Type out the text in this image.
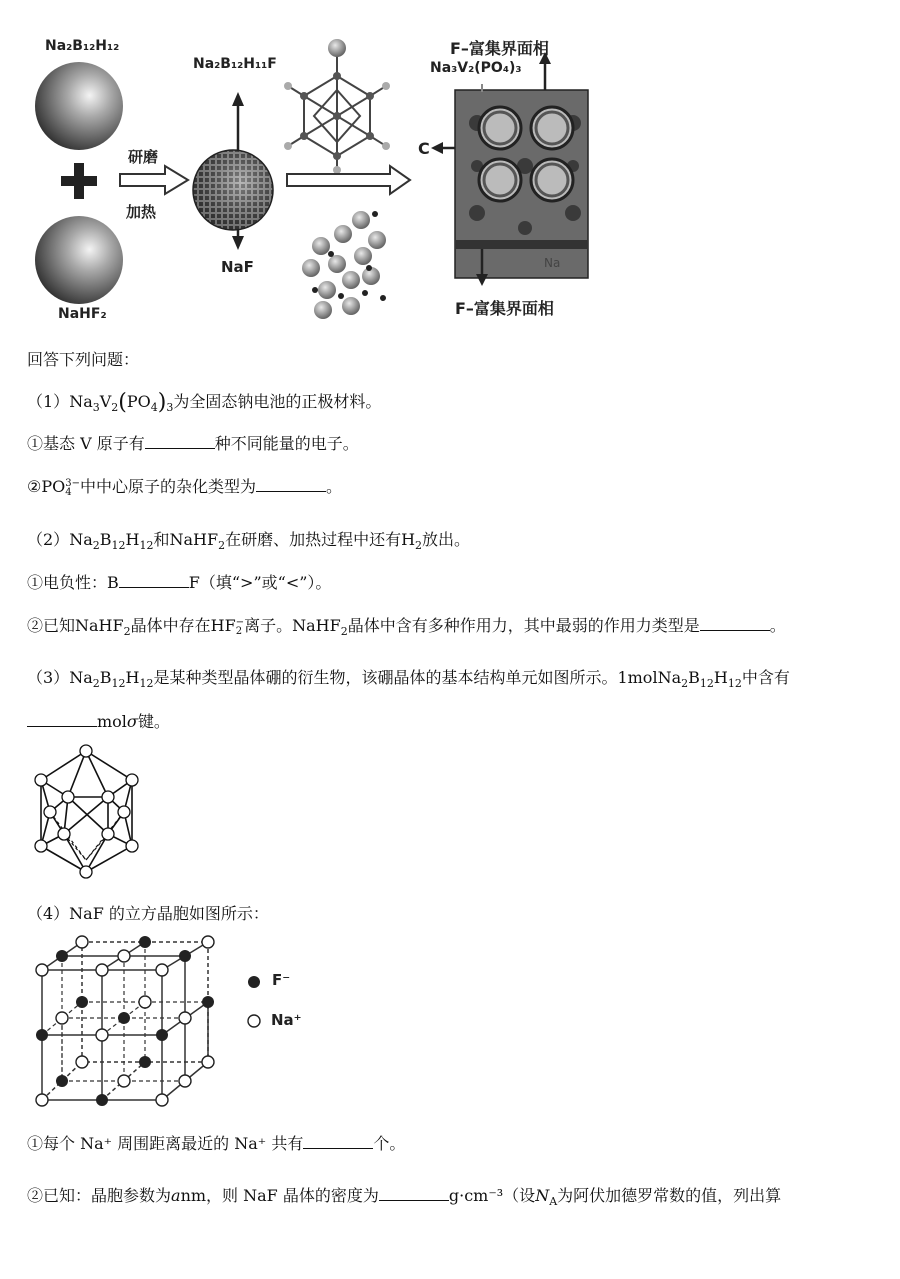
Na₂B₁₂H₁₂
NaHF₂
研磨
加热
Na₂B₁₂H₁₁F
NaF
F–富集界面相
Na₃V₂(PO₄)₃
C
Na
F–富集界面相
回答下列问题：
$(1)Na_3V_2(PO_4)_3$为全固态钠电池的正极材料。
①基态 V 原子有	种不同能量的电子。
②PO3−
4 中中心原子的杂化类型为	。
$(2)Na_2B_{12}H_{12}$和NaHF$_2$在研磨、加热过程中还有$H_2$放出。
①电负性：B	F（填“>”或“<”）。
②已知NaHF$_2$晶体中存在HF−
2 离子。NaHF$_2$晶体中含有多种作用力，其中最弱的作用力类型是	。
$(3)Na_2B_{12}H_{12}$是某种类型晶体硼的衍生物，该硼晶体的基本结构单元如图所示。$1molNa_2B_{12}H_{12}$中含有
molσ键。
（4）NaF 的立方晶胞如图所示：
F⁻
Na⁺
①每个 Na⁺ 周围距离最近的 Na⁺ 共有	个。
②已知：晶胞参数为anm，则 NaF 晶体的密度为	g·cm⁻³（设$N_A$为阿伏加德罗常数的值，列出算
